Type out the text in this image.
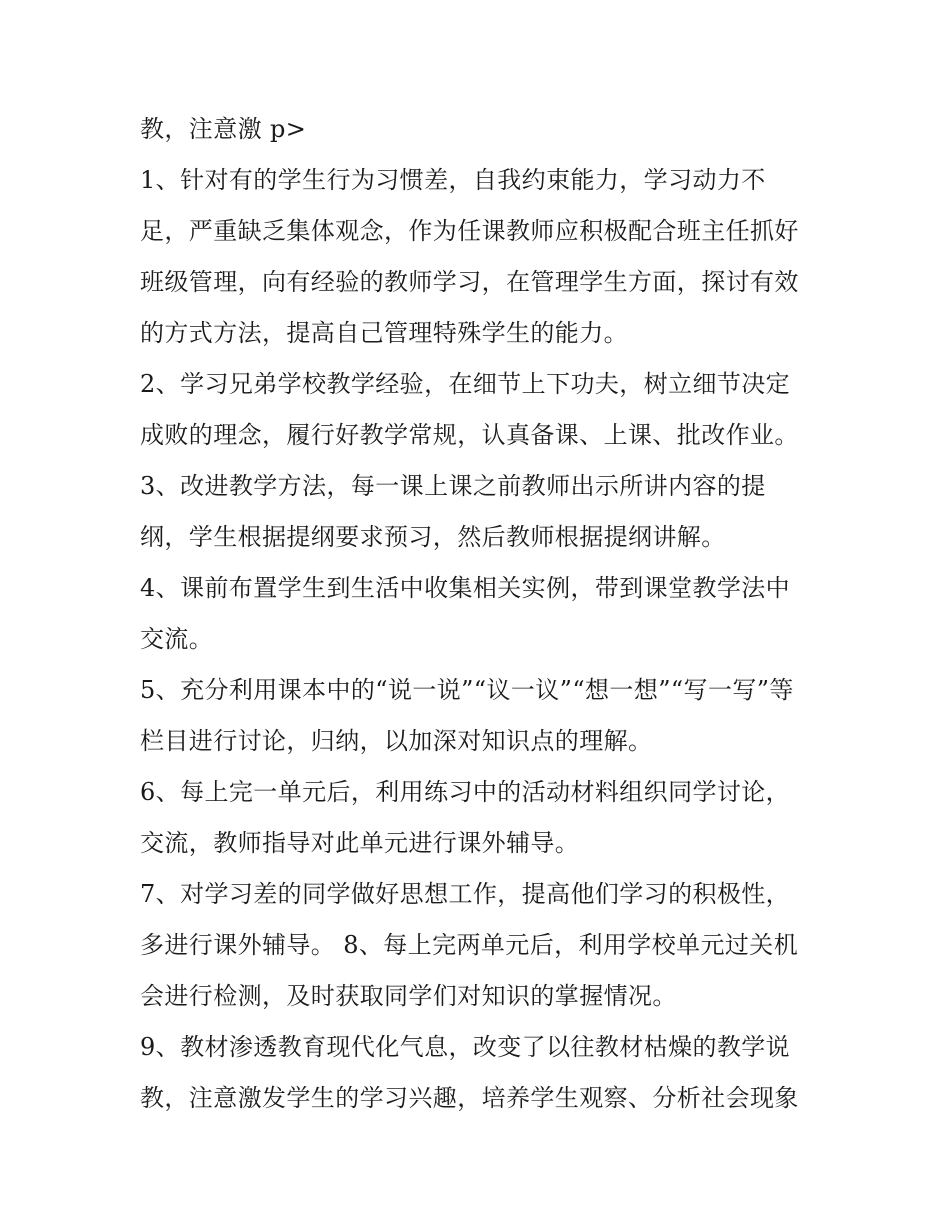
教，注意激 p>
1、针对有的学生行为习惯差，自我约束能力，学习动力不
足，严重缺乏集体观念，作为任课教师应积极配合班主任抓好
班级管理，向有经验的教师学习，在管理学生方面，探讨有效
的方式方法，提高自己管理特殊学生的能力。
2、学习兄弟学校教学经验，在细节上下功夫，树立细节决定
成败的理念，履行好教学常规，认真备课、上课、批改作业。
3、改进教学方法，每一课上课之前教师出示所讲内容的提
纲，学生根据提纲要求预习，然后教师根据提纲讲解。
4、课前布置学生到生活中收集相关实例，带到课堂教学法中
交流。
5、充分利用课本中的“说一说”“议一议”“想一想”“写一写”等
栏目进行讨论，归纳，以加深对知识点的理解。
6、每上完一单元后，利用练习中的活动材料组织同学讨论，
交流，教师指导对此单元进行课外辅导。
7、对学习差的同学做好思想工作，提高他们学习的积极性，
多进行课外辅导。 8、每上完两单元后，利用学校单元过关机
会进行检测，及时获取同学们对知识的掌握情况。
9、教材渗透教育现代化气息，改变了以往教材枯燥的教学说
教，注意激发学生的学习兴趣，培养学生观察、分析社会现象
